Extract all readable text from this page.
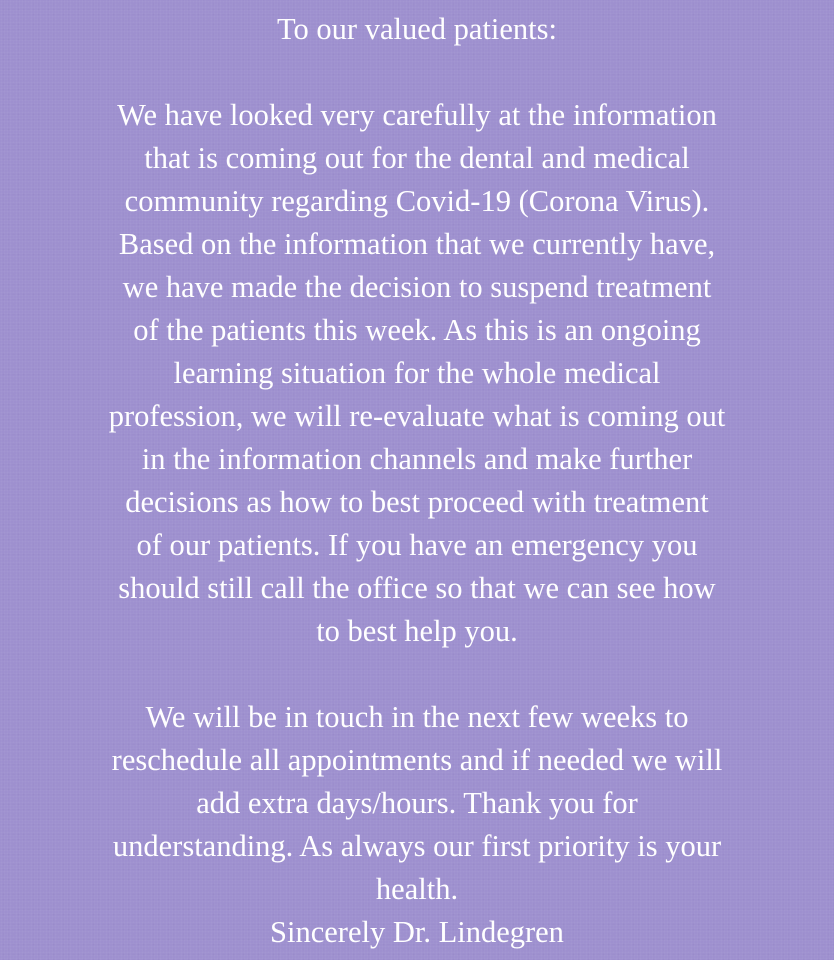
To our valued patients:
We have looked very carefully at the information
that is coming out for the dental and medical
community regarding Covid-19 (Corona Virus).
Based on the information that we currently have,
we have made the decision to suspend treatment
of the patients this week. As this is an ongoing
learning situation for the whole medical
profession, we will re-evaluate what is coming out
in the information channels and make further
decisions as how to best proceed with treatment
of our patients. If you have an emergency you
should still call the office so that we can see how
to best help you.
We will be in touch in the next few weeks to
reschedule all appointments and if needed we will
add extra days/hours. Thank you for
understanding. As always our first priority is your
health.
Sincerely Dr. Lindegren
